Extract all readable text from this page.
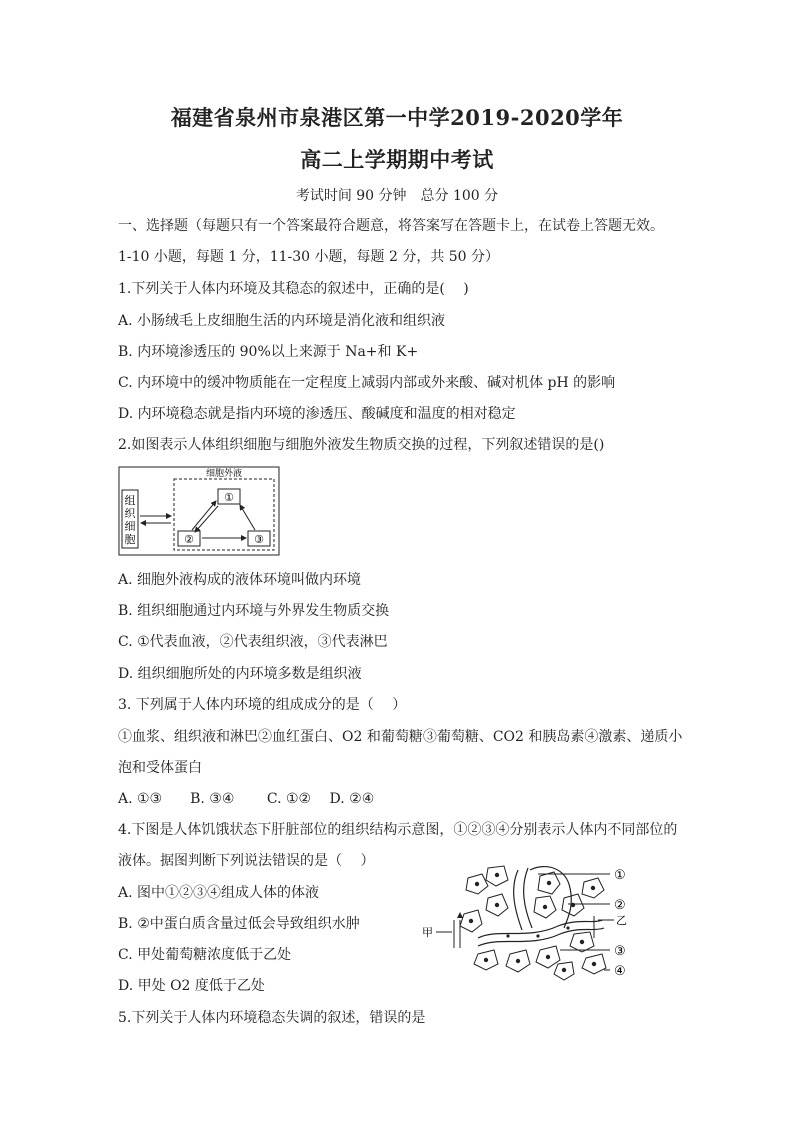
福建省泉州市泉港区第一中学2019-2020学年
高二上学期期中考试
考试时间 90 分钟　总分 100 分
一、选择题（每题只有一个答案最符合题意，将答案写在答题卡上，在试卷上答题无效。
1-10 小题，每题 1 分，11-30 小题，每题 2 分，共 50 分）
1.下列关于人体内环境及其稳态的叙述中，正确的是(　 )
A. 小肠绒毛上皮细胞生活的内环境是消化液和组织液
B. 内环境渗透压的 90%以上来源于 Na+和 K+
C. 内环境中的缓冲物质能在一定程度上减弱内部或外来酸、碱对机体 pH 的影响
D. 内环境稳态就是指内环境的渗透压、酸碱度和温度的相对稳定
2.如图表示人体组织细胞与细胞外液发生物质交换的过程，下列叙述错误的是()
细胞外液
组
织
细
胞
①
②	③
A. 细胞外液构成的液体环境叫做内环境
B. 组织细胞通过内环境与外界发生物质交换
C. ①代表血液，②代表组织液，③代表淋巴
D. 组织细胞所处的内环境多数是组织液
3. 下列属于人体内环境的组成成分的是（　 ）
①血浆、组织液和淋巴②血红蛋白、O2 和葡萄糖③葡萄糖、CO2 和胰岛素④激素、递质小
泡和受体蛋白
A. ①③　　B. ③④　　 C. ①②　 D. ②④
4.下图是人体饥饿状态下肝脏部位的组织结构示意图，①②③④分别表示人体内不同部位的
液体。据图判断下列说法错误的是（　 ）
A. 图中①②③④组成人体的体液
B. ②中蛋白质含量过低会导致组织水肿
C. 甲处葡萄糖浓度低于乙处
D. 甲处 O2 度低于乙处
甲
乙
①
②
③
④
5.下列关于人体内环境稳态失调的叙述，错误的是
